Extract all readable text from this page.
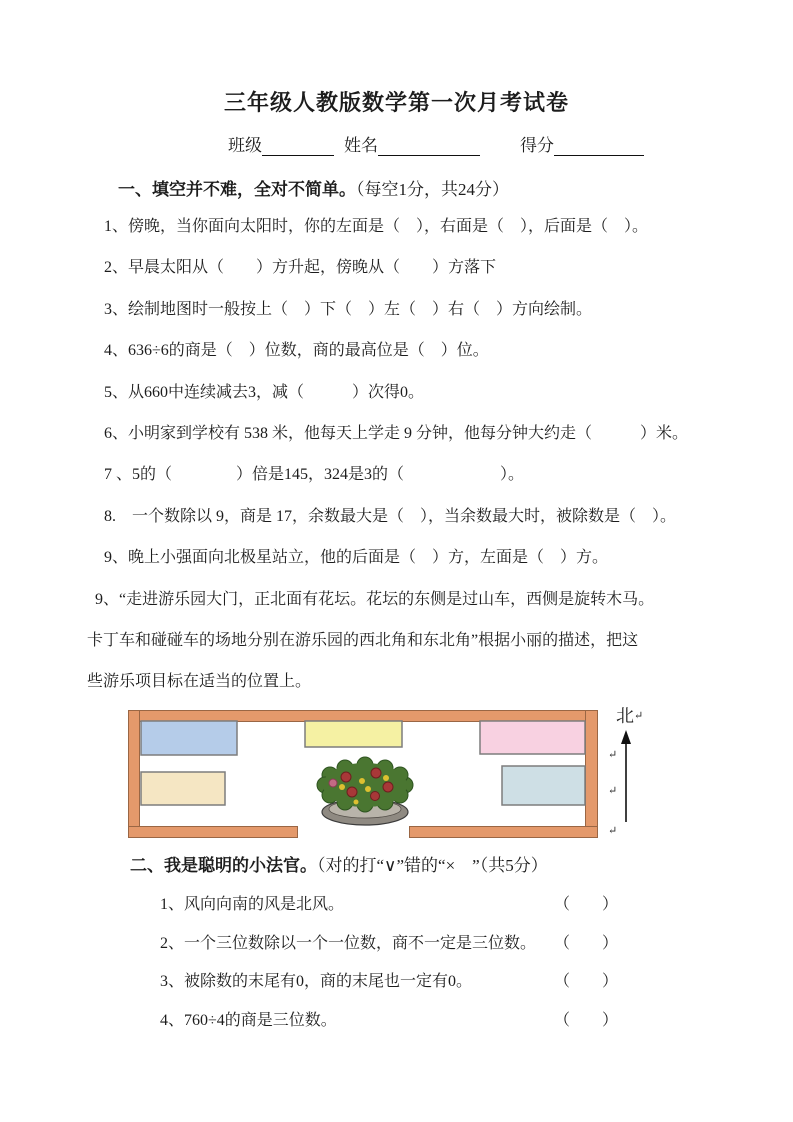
三年级人教版数学第一次月考试卷
班级	姓名	得分
一、填空并不难，全对不简单。（每空1分，共24分）
1、傍晚，当你面向太阳时，你的左面是（　），右面是（　），后面是（　）。
2、早晨太阳从（　　）方升起，傍晚从（　　）方落下
3、绘制地图时一般按上（　）下（　）左（　）右（　）方向绘制。
4、636÷6的商是（　）位数，商的最高位是（　）位。
5、从660中连续减去3，减（　　　）次得0。
6、小明家到学校有 538 米，他每天上学走 9 分钟，他每分钟大约走（　　　）米。
7 、5的（　　　　）倍是145，324是3的（　　　　　　）。
8.　一个数除以 9，商是 17，余数最大是（　），当余数最大时，被除数是（　）。
9、晚上小强面向北极星站立，他的后面是（　）方，左面是（　）方。
9、“走进游乐园大门，正北面有花坛。花坛的东侧是过山车，西侧是旋转木马。
卡丁车和碰碰车的场地分别在游乐园的西北角和东北角”根据小丽的描述，把这
些游乐项目标在适当的位置上。
北↵
↵
↵
↵
二、我是聪明的小法官。（对的打“∨”错的“×　”（共5分）
1、风向向南的风是北风。	（　　）
2、一个三位数除以一个一位数，商不一定是三位数。 （　　）
3、被除数的末尾有0，商的末尾也一定有0。	（　　）
4、760÷4的商是三位数。	（　　）
